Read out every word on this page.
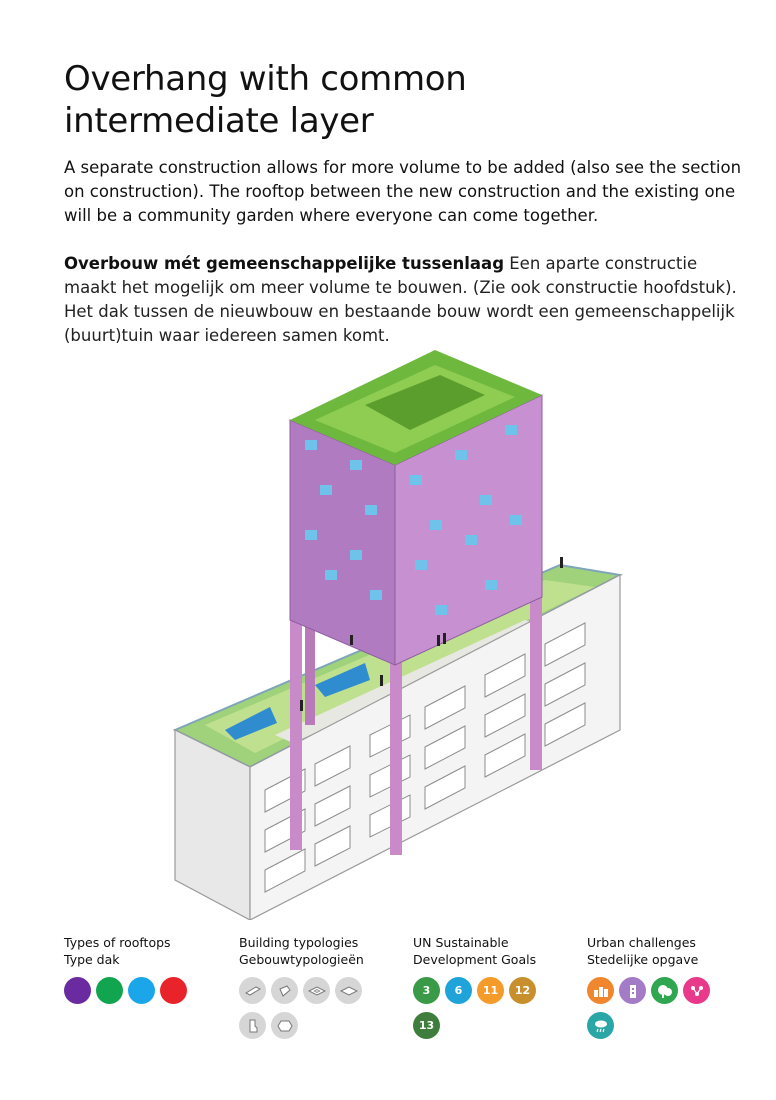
Overhang with common
intermediate layer

A separate construction allows for more volume to be added (also see the section on construction). The rooftop between the new construction and the existing one will be a community garden where everyone can come together.

Overbouw mét gemeenschappelijke tussenlaag Een aparte constructie maakt het mogelijk om meer volume te bouwen. (Zie ook constructie hoofdstuk). Het dak tussen de nieuwbouw en bestaande bouw wordt een gemeenschappelijk (buurt)tuin waar iedereen samen komt.

Types of rooftops
Type dak
Building typologies
Gebouwtypologieën
UN Sustainable
Development Goals
3	6	11	12
13
Urban challenges
Stedelijke opgave
